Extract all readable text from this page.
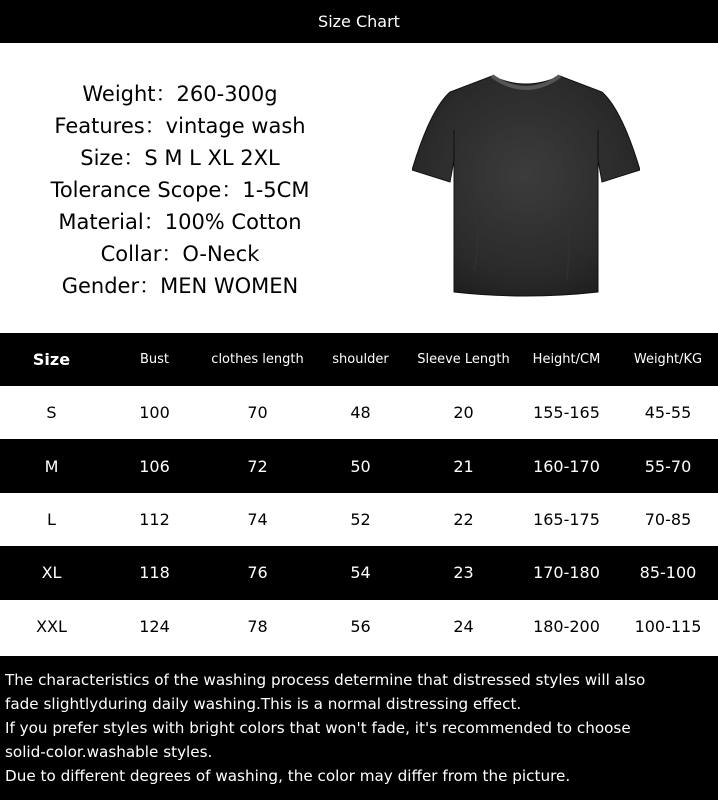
Size Chart
Weight：260-300g
Features：vintage wash
Size：S M L XL 2XL
Tolerance Scope：1-5CM
Material：100% Cotton
Collar：O-Neck
Gender：MEN WOMEN
Size	Bust	clothes length	shoulder	Sleeve Length	Height/CM	Weight/KG
S	100	70	48	20	155-165	45-55
M	106	72	50	21	160-170	55-70
L	112	74	52	22	165-175	70-85
XL	118	76	54	23	170-180	85-100
XXL	124	78	56	24	180-200	100-115
The characteristics of the washing process determine that distressed styles will also
fade slightlyduring daily washing.This is a normal distressing effect.
If you prefer styles with bright colors that won't fade, it's recommended to choose
solid-color.washable styles.
Due to different degrees of washing, the color may differ from the picture.
